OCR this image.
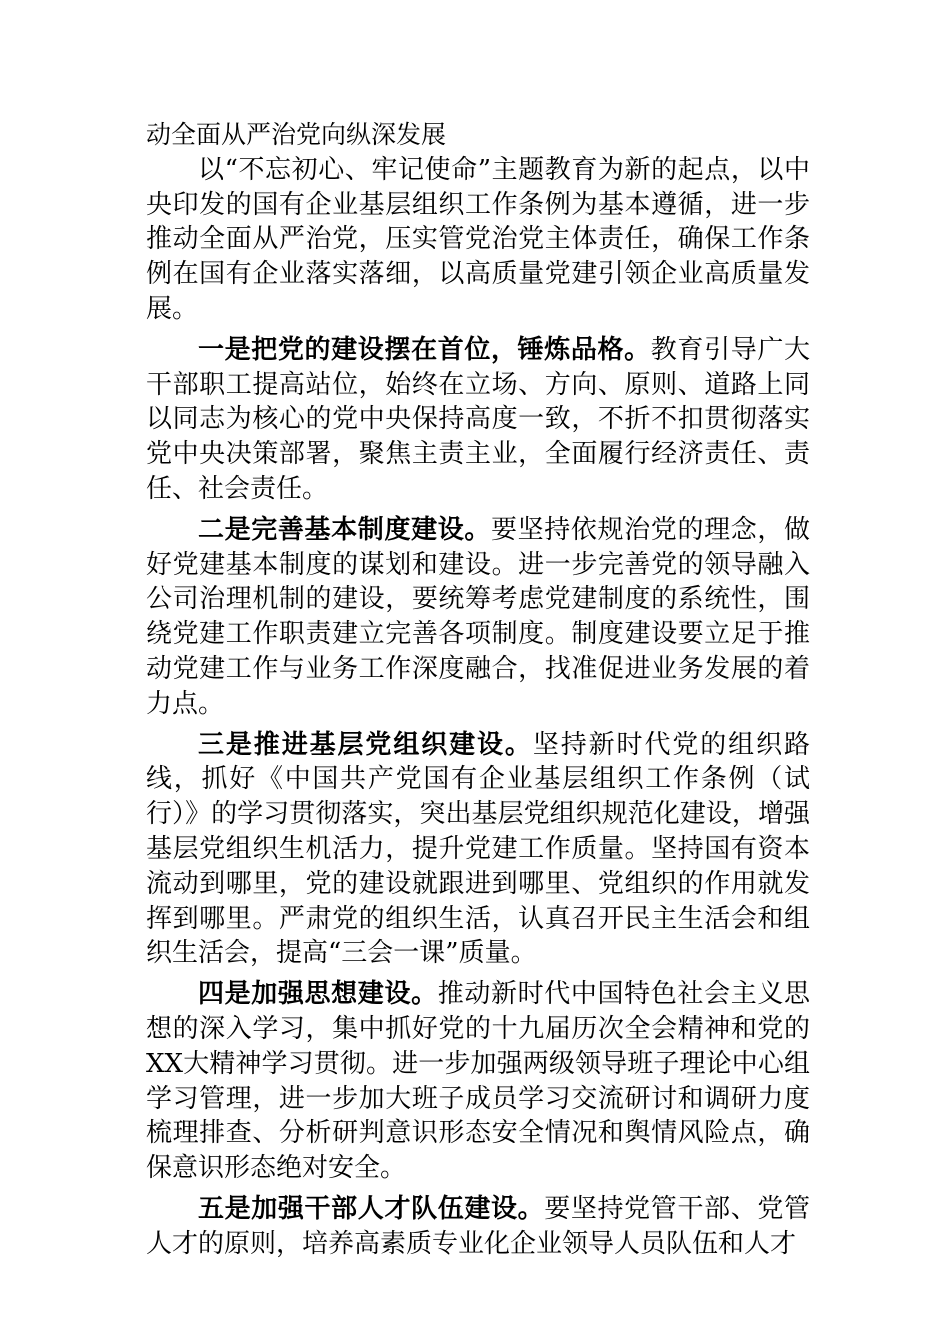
动全面从严治党向纵深发展

以“不忘初心、牢记使命”主题教育为新的起点，以中央印发的国有企业基层组织工作条例为基本遵循，进一步推动全面从严治党，压实管党治党主体责任，确保工作条例在国有企业落实落细，以高质量党建引领企业高质量发展。

一是把党的建设摆在首位，锤炼品格。教育引导广大干部职工提高站位，始终在立场、方向、原则、道路上同以同志为核心的党中央保持高度一致，不折不扣贯彻落实党中央决策部署，聚焦主责主业，全面履行经济责任、责任、社会责任。

二是完善基本制度建设。要坚持依规治党的理念，做好党建基本制度的谋划和建设。进一步完善党的领导融入公司治理机制的建设，要统筹考虑党建制度的系统性，围绕党建工作职责建立完善各项制度。制度建设要立足于推动党建工作与业务工作深度融合，找准促进业务发展的着力点。

三是推进基层党组织建设。坚持新时代党的组织路线，抓好《中国共产党国有企业基层组织工作条例（试行）》的学习贯彻落实，突出基层党组织规范化建设，增强基层党组织生机活力，提升党建工作质量。坚持国有资本流动到哪里，党的建设就跟进到哪里、党组织的作用就发挥到哪里。严肃党的组织生活，认真召开民主生活会和组织生活会，提高“三会一课”质量。

四是加强思想建设。推动新时代中国特色社会主义思想的深入学习，集中抓好党的十九届历次全会精神和党的XX大精神学习贯彻。进一步加强两级领导班子理论中心组学习管理，进一步加大班子成员学习交流研讨和调研力度梳理排查、分析研判意识形态安全情况和舆情风险点，确保意识形态绝对安全。

五是加强干部人才队伍建设。要坚持党管干部、党管人才的原则，培养高素质专业化企业领导人员队伍和人才
